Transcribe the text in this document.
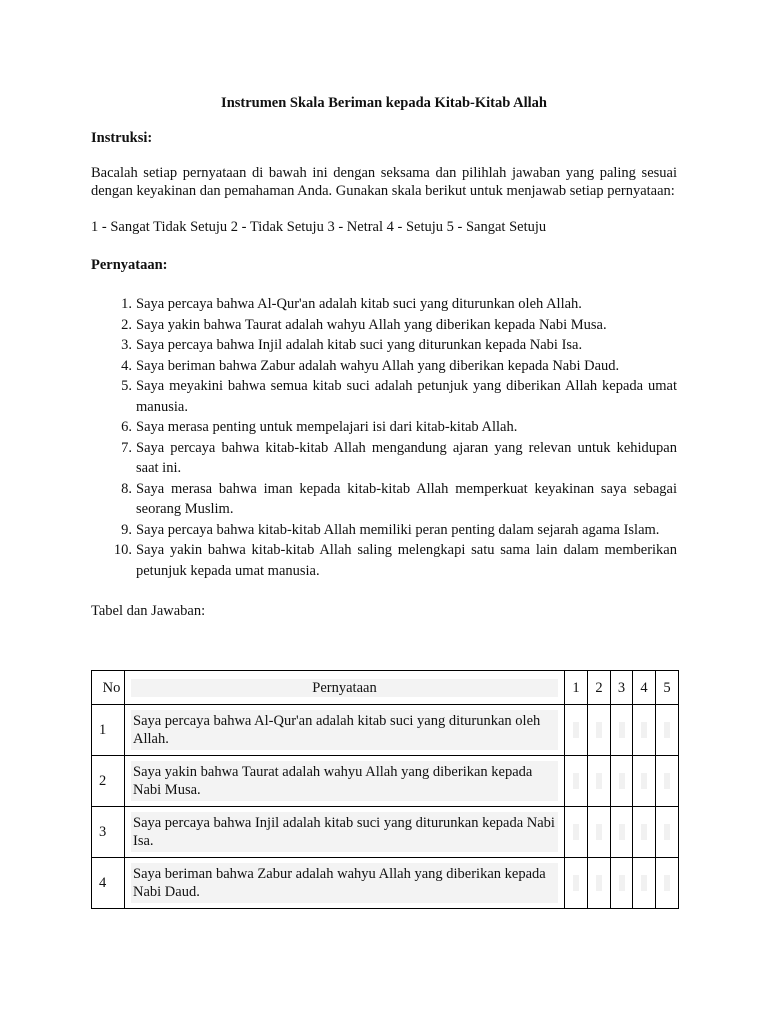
Instrumen Skala Beriman kepada Kitab-Kitab Allah

Instruksi:

Bacalah setiap pernyataan di bawah ini dengan seksama dan pilihlah jawaban yang paling sesuai dengan keyakinan dan pemahaman Anda. Gunakan skala berikut untuk menjawab setiap pernyataan:

1 - Sangat Tidak Setuju 2 - Tidak Setuju 3 - Netral 4 - Setuju 5 - Sangat Setuju

Pernyataan:

1. Saya percaya bahwa Al-Qur'an adalah kitab suci yang diturunkan oleh Allah.
2. Saya yakin bahwa Taurat adalah wahyu Allah yang diberikan kepada Nabi Musa.
3. Saya percaya bahwa Injil adalah kitab suci yang diturunkan kepada Nabi Isa.
4. Saya beriman bahwa Zabur adalah wahyu Allah yang diberikan kepada Nabi Daud.
5. Saya meyakini bahwa semua kitab suci adalah petunjuk yang diberikan Allah kepada umat manusia.
6. Saya merasa penting untuk mempelajari isi dari kitab-kitab Allah.
7. Saya percaya bahwa kitab-kitab Allah mengandung ajaran yang relevan untuk kehidupan saat ini.
8. Saya merasa bahwa iman kepada kitab-kitab Allah memperkuat keyakinan saya sebagai seorang Muslim.
9. Saya percaya bahwa kitab-kitab Allah memiliki peran penting dalam sejarah agama Islam.
10. Saya yakin bahwa kitab-kitab Allah saling melengkapi satu sama lain dalam memberikan petunjuk kepada umat manusia.

Tabel dan Jawaban:

No	Pernyataan	1	2	3	4	5
1	Saya percaya bahwa Al-Qur'an adalah kitab suci yang diturunkan oleh Allah.					

2	Saya yakin bahwa Taurat adalah wahyu Allah yang diberikan kepada Nabi Musa.					

3	Saya percaya bahwa Injil adalah kitab suci yang diturunkan kepada Nabi Isa.					

4	Saya beriman bahwa Zabur adalah wahyu Allah yang diberikan kepada Nabi Daud.					
